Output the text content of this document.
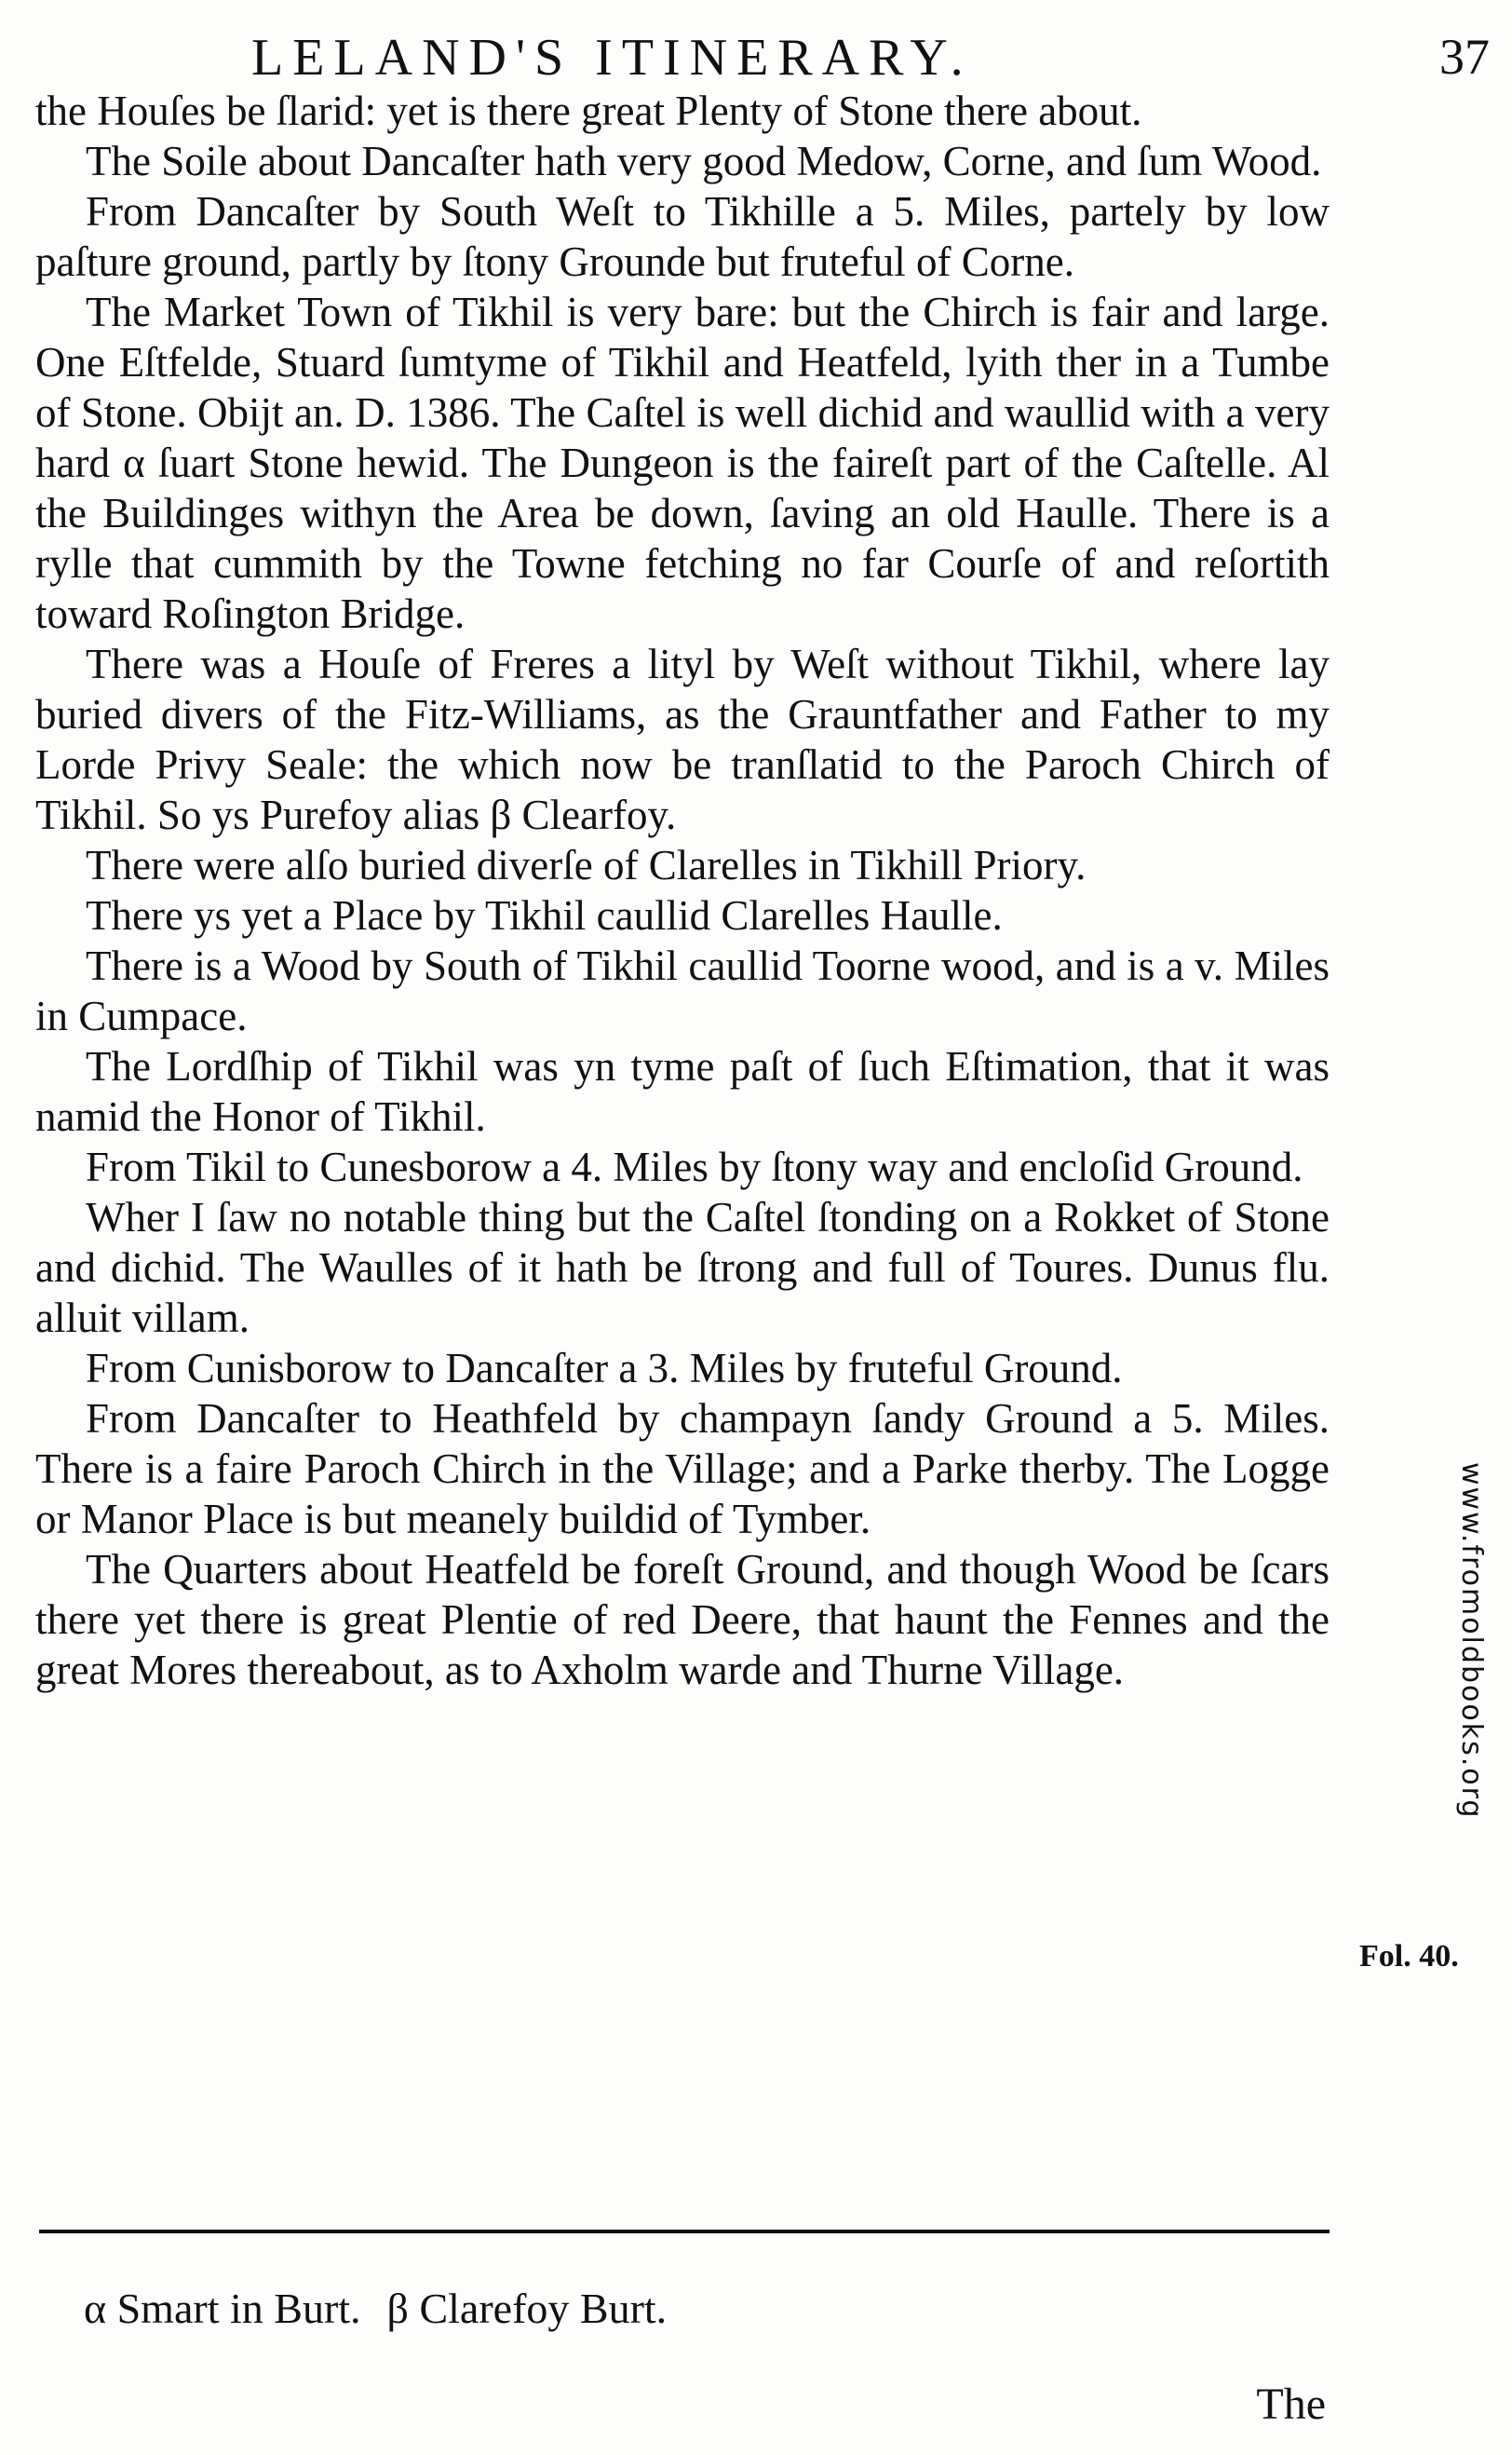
LELAND'S ITINERARY.	37

the Houſes be ſlarid: yet is there great Plenty of Stone there about.

The Soile about Dancaſter hath very good Medow, Corne, and ſum Wood.

From Dancaſter by South Weſt to Tikhille a 5. Miles, partely by low paſture ground, partly by ſtony Grounde but fruteful of Corne.

The Market Town of Tikhil is very bare: but the Chirch is fair and large. One Eſtfelde, Stuard ſumtyme of Tikhil and Heatfeld, lyith ther in a Tumbe of Stone. Obijt an. D. 1386. The Caſtel is well dichid and waullid with a very hard α ſuart Stone hewid. The Dungeon is the faireſt part of the Caſtelle. Al the Buildinges withyn the Area be down, ſaving an old Haulle. There is a rylle that cummith by the Towne fetching no far Courſe of and reſortith toward Roſington Bridge.

There was a Houſe of Freres a lityl by Weſt without Tikhil, where lay buried divers of the Fitz-Williams, as the Grauntfather and Father to my Lorde Privy Seale: the which now be tranſlatid to the Paroch Chirch of Tikhil. So ys Purefoy alias β Clearfoy.

There were alſo buried diverſe of Clarelles in Tikhill Priory.

There ys yet a Place by Tikhil caullid Clarelles Haulle.

There is a Wood by South of Tikhil caullid Toorne wood, and is a v. Miles in Cumpace.

The Lordſhip of Tikhil was yn tyme paſt of ſuch Eſtimation, that it was namid the Honor of Tikhil.

From Tikil to Cunesborow a 4. Miles by ſtony way and encloſid Ground.

Wher I ſaw no notable thing but the Caſtel ſtonding on a Rokket of Stone and dichid. The Waulles of it hath be ſtrong and full of Toures. Dunus flu. alluit villam.

From Cunisborow to Dancaſter a 3. Miles by fruteful Ground.

From Dancaſter to Heathfeld by champayn ſandy Ground a 5. Miles. There is a faire Paroch Chirch in the Village; and a Parke therby. The Logge or Manor Place is but meanely buildid of Tymber.

The Quarters about Heatfeld be foreſt Ground, and though Wood be ſcars there yet there is great Plentie of red Deere, that haunt the Fennes and the great Mores thereabout, as to Axholm warde and Thurne Village.

Fol. 40.
α Smart in Burt. β Clarefoy Burt.
The
www.fromoldbooks.org
